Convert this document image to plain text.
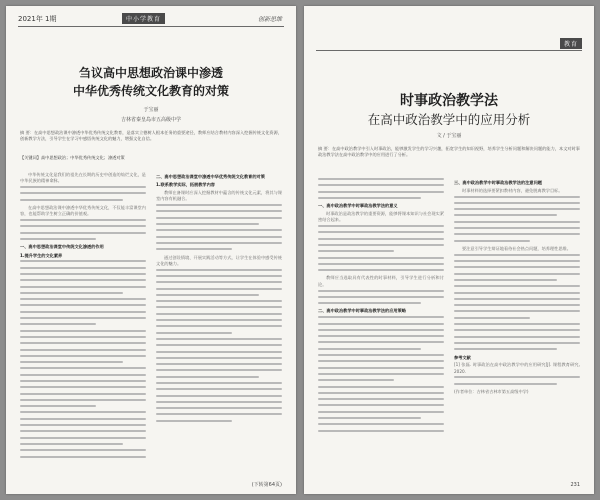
2021年 1期	中小学教育	创新思维
刍议高中思想政治课中渗透
中华优秀传统文化教育的对策
于宝丽
吉林省秦皇岛市五高级中学
摘 要：在高中思想政治课中渗透中华优秀传统文化教育，是落实立德树人根本任务的重要途径，教师应结合教材内容深入挖掘传统文化资源，创新教学方法，引导学生在学习中感悟传统文化的魅力，增强文化自信。
【关键词】高中思想政治；中华优秀传统文化；渗透对策

中华传统文化是我们的祖先在长期的历史中创造的灿烂文化，是中华民族的精神命脉。

在高中思想政治课中渗透中华优秀传统文化，不仅能丰富课堂内容，也能帮助学生树立正确的价值观。

一、高中思想政治课堂中传统文化渗透的作用

1.提升学生的文化素养

二、高中思想政治课堂中渗透中华优秀传统文化教育的对策

1.联系教学实际，拓展教学内容

教师在备课时应深入挖掘教材中蕴含的传统文化元素，将其与课堂内容有机融合。

通过创设情境、开展实践活动等方式，让学生在体验中感受传统文化的魅力。

(下转第64页)
教育
时事政治教学法
在高中政治教学中的应用分析
文 / 于宝丽
摘 要：在高中政治教学中引入时事政治，能够激发学生的学习兴趣，拓宽学生的知识视野，培养学生分析问题和解决问题的能力，本文对时事政治教学法在高中政治教学中的应用进行了分析。

一、高中政治教学中时事政治教学法的意义

时事政治是政治教学的重要资源，能够将课本知识与社会现实紧密结合起来。

教师应当选取具有代表性的时事材料，引导学生进行分析和讨论。

二、高中政治教学中时事政治教学法的应用策略

三、高中政治教学中时事政治教学法的注意问题

时事材料的选择要紧扣教材内容，避免脱离教学目标。

要注意引导学生辩证地看待社会热点问题，培养理性思维。

参考文献

[1] 张磊. 时事政治在高中政治教学中的应用研究[J]. 课程教育研究, 2020.

(作者单位：吉林省吉林市第五高级中学)

231
